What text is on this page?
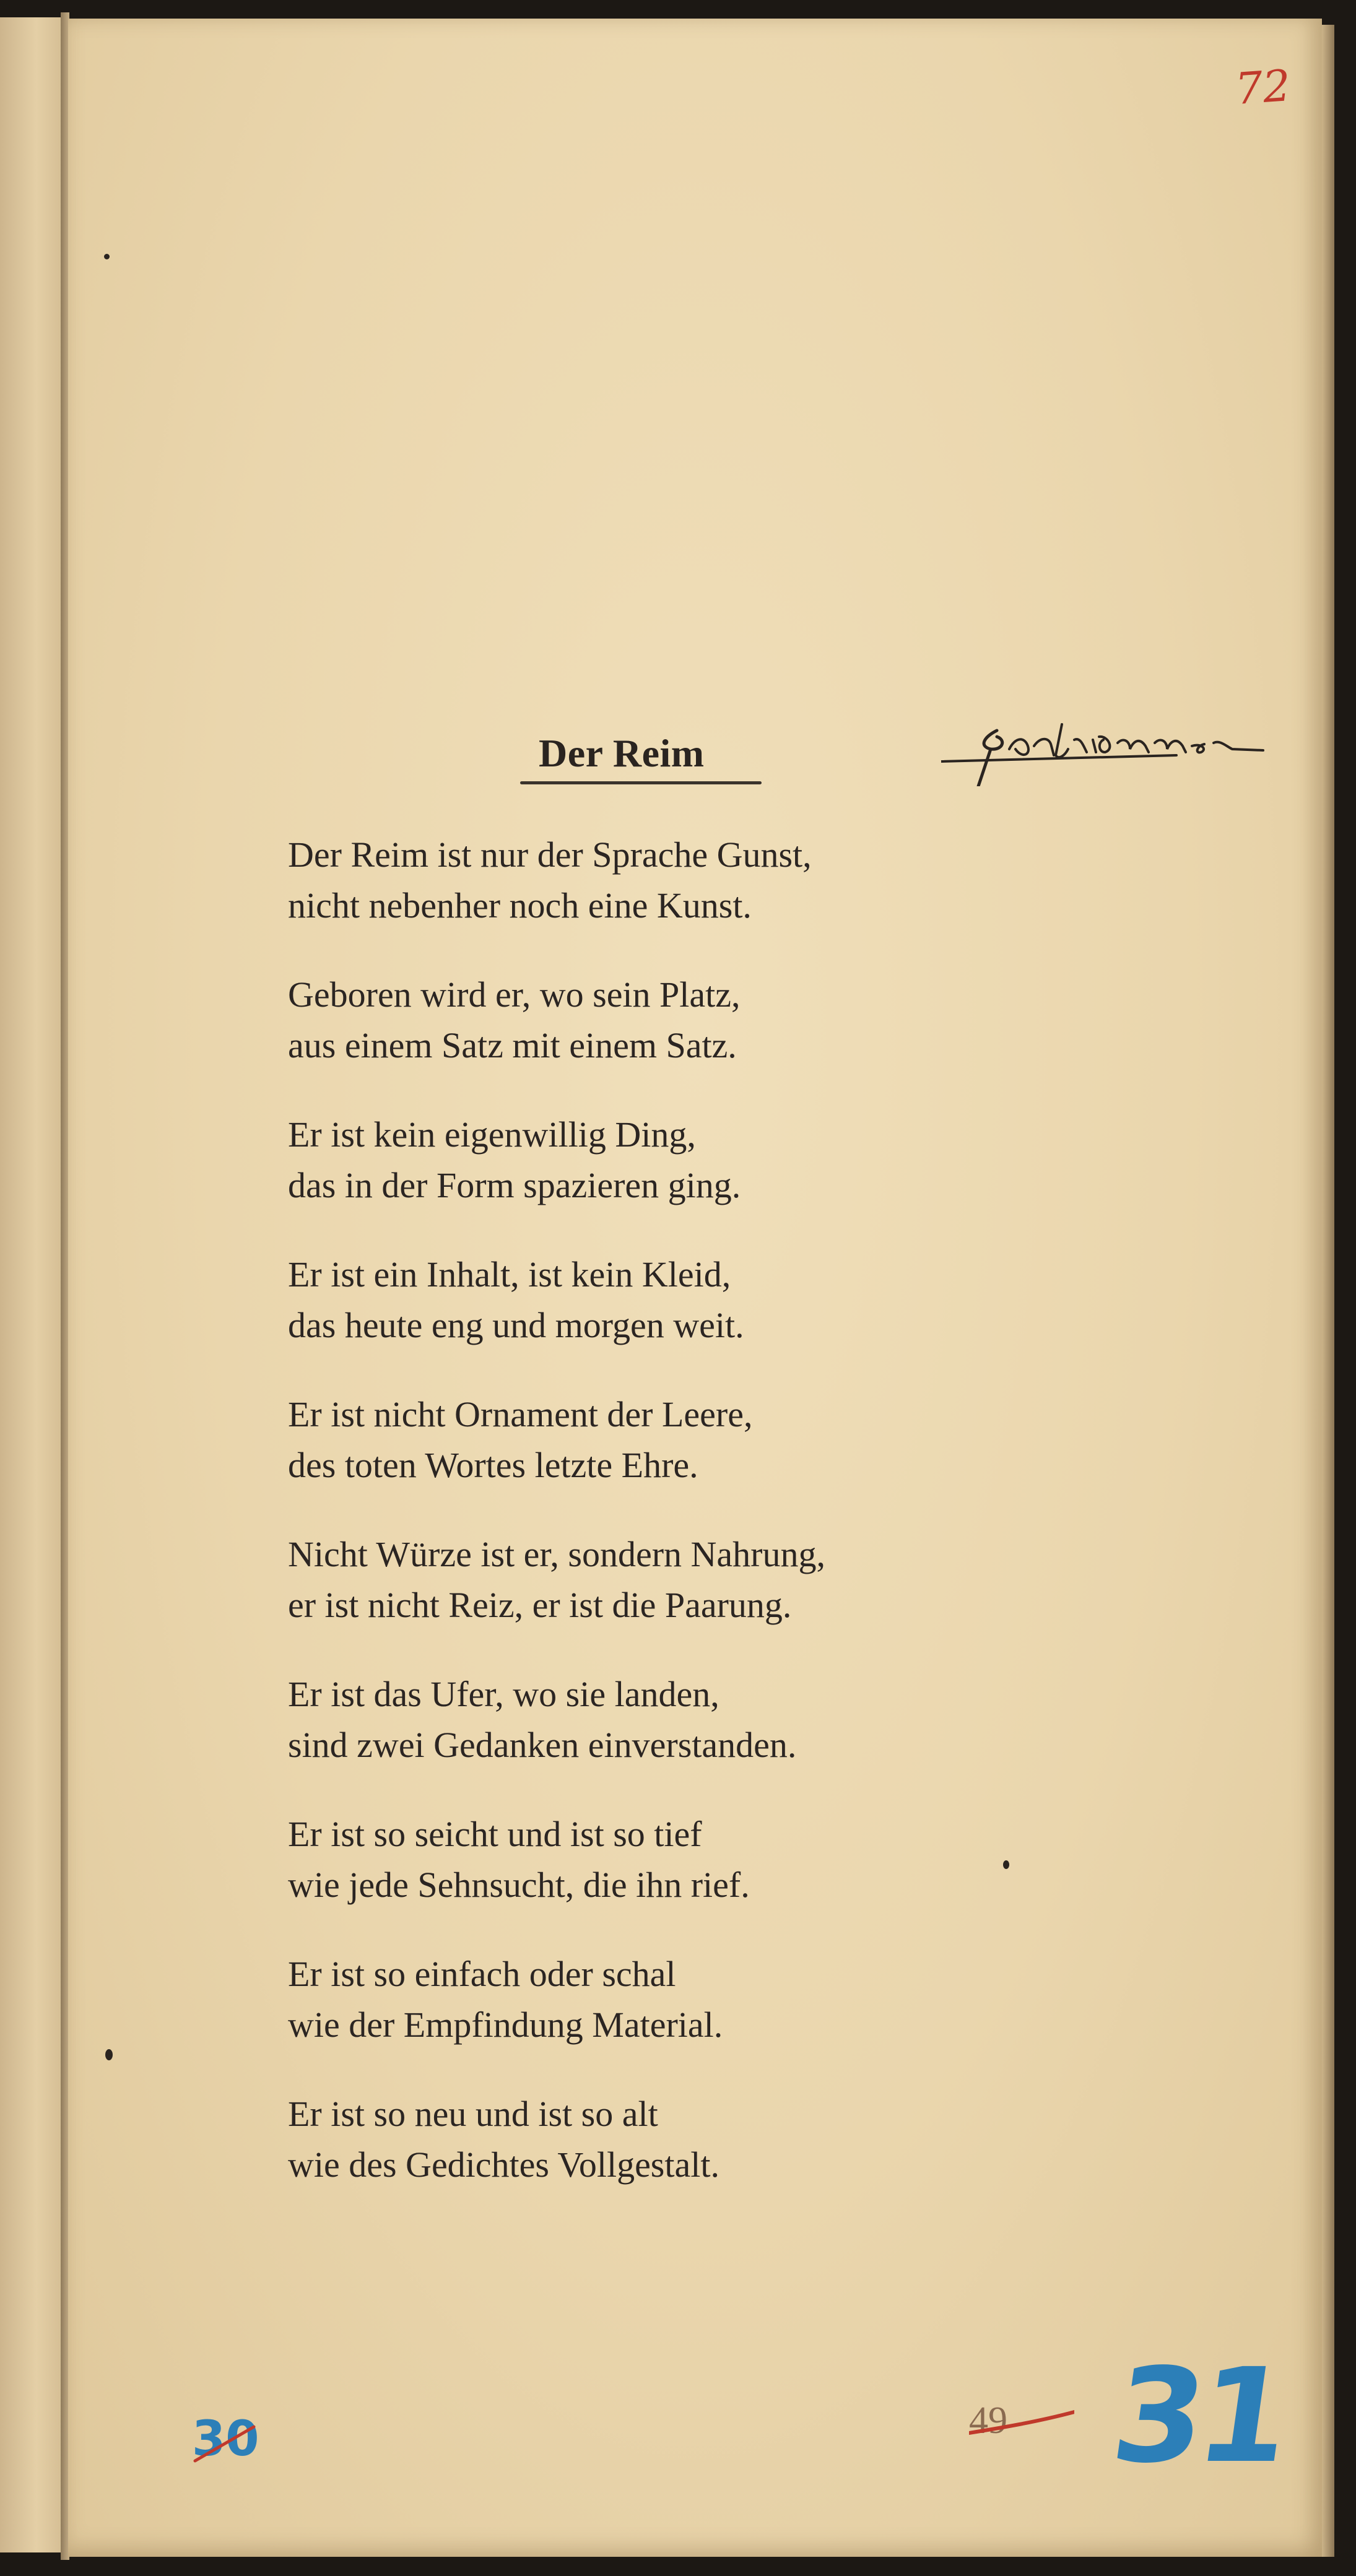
72
Der Reim
Der Reim ist nur der Sprache Gunst,
nicht nebenher noch eine Kunst.
Geboren wird er, wo sein Platz,
aus einem Satz mit einem Satz.
Er ist kein eigenwillig Ding,
das in der Form spazieren ging.
Er ist ein Inhalt, ist kein Kleid,
das heute eng und morgen weit.
Er ist nicht Ornament der Leere,
des toten Wortes letzte Ehre.
Nicht Würze ist er, sondern Nahrung,
er ist nicht Reiz, er ist die Paarung.
Er ist das Ufer, wo sie landen,
sind zwei Gedanken einverstanden.
Er ist so seicht und ist so tief
wie jede Sehnsucht, die ihn rief.
Er ist so einfach oder schal
wie der Empfindung Material.
Er ist so neu und ist so alt
wie des Gedichtes Vollgestalt.
49 31
30
